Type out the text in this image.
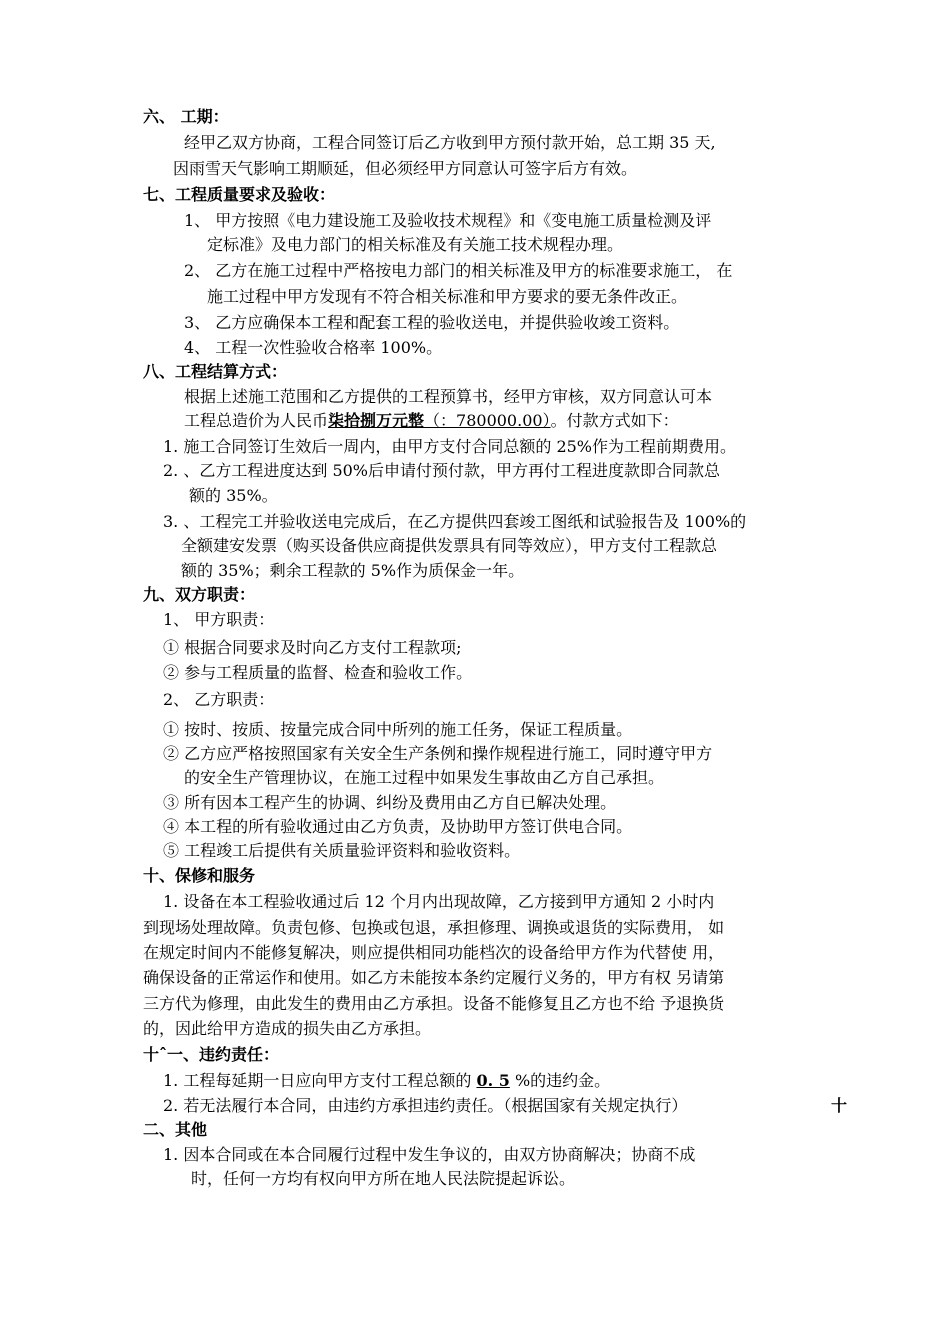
六、 工期：
经甲乙双方协商，工程合同签订后乙方收到甲方预付款开始，总工期 35 天,
因雨雪天气影响工期顺延，但必须经甲方同意认可签字后方有效。
七、工程质量要求及验收：
1、 甲方按照《电力建设施工及验收技术规程》和《变电施工质量检测及评
定标准》及电力部门的相关标准及有关施工技术规程办理。
2、 乙方在施工过程中严格按电力部门的相关标准及甲方的标准要求施工， 在
施工过程中甲方发现有不符合相关标准和甲方要求的要无条件改正。
3、 乙方应确保本工程和配套工程的验收送电，并提供验收竣工资料。
4、 工程一次性验收合格率 100%。
八、工程结算方式：
根据上述施工范围和乙方提供的工程预算书，经甲方审核，双方同意认可本
工程总造价为人民币柒拾捌万元整（：780000.00）。付款方式如下：
1. 施工合同签订生效后一周内，由甲方支付合同总额的 25%作为工程前期费用。
2. 、乙方工程进度达到 50%后申请付预付款，甲方再付工程进度款即合同款总
额的 35%。
3. 、工程完工并验收送电完成后，在乙方提供四套竣工图纸和试验报告及 100%的
全额建安发票（购买设备供应商提供发票具有同等效应），甲方支付工程款总
额的 35%；剩余工程款的 5%作为质保金一年。
九、双方职责：
1、 甲方职责：
① 根据合同要求及时向乙方支付工程款项;
② 参与工程质量的监督、检查和验收工作。
2、 乙方职责：
① 按时、按质、按量完成合同中所列的施工任务，保证工程质量。
② 乙方应严格按照国家有关安全生产条例和操作规程进行施工，同时遵守甲方
的安全生产管理协议，在施工过程中如果发生事故由乙方自己承担。
③ 所有因本工程产生的协调、纠纷及费用由乙方自已解决处理。
④ 本工程的所有验收通过由乙方负责，及协助甲方签订供电合同。
⑤ 工程竣工后提供有关质量验评资料和验收资料。
十、保修和服务
1. 设备在本工程验收通过后 12 个月内出现故障，乙方接到甲方通知 2 小时内
到现场处理故障。负责包修、包换或包退，承担修理、调换或退货的实际费用， 如
在规定时间内不能修复解决，则应提供相同功能档次的设备给甲方作为代替使 用，
确保设备的正常运作和使用。如乙方未能按本条约定履行义务的，甲方有权 另请第
三方代为修理，由此发生的费用由乙方承担。设备不能修复且乙方也不给 予退换货
的，因此给甲方造成的损失由乙方承担。
十ˆ一、违约责任：
1. 工程每延期一日应向甲方支付工程总额的 0. 5 %的违约金。
2. 若无法履行本合同，由违约方承担违约责任。（根据国家有关规定执行）	十
二、其他
1. 因本合同或在本合同履行过程中发生争议的，由双方协商解决；协商不成
时，任何一方均有权向甲方所在地人民法院提起诉讼。
